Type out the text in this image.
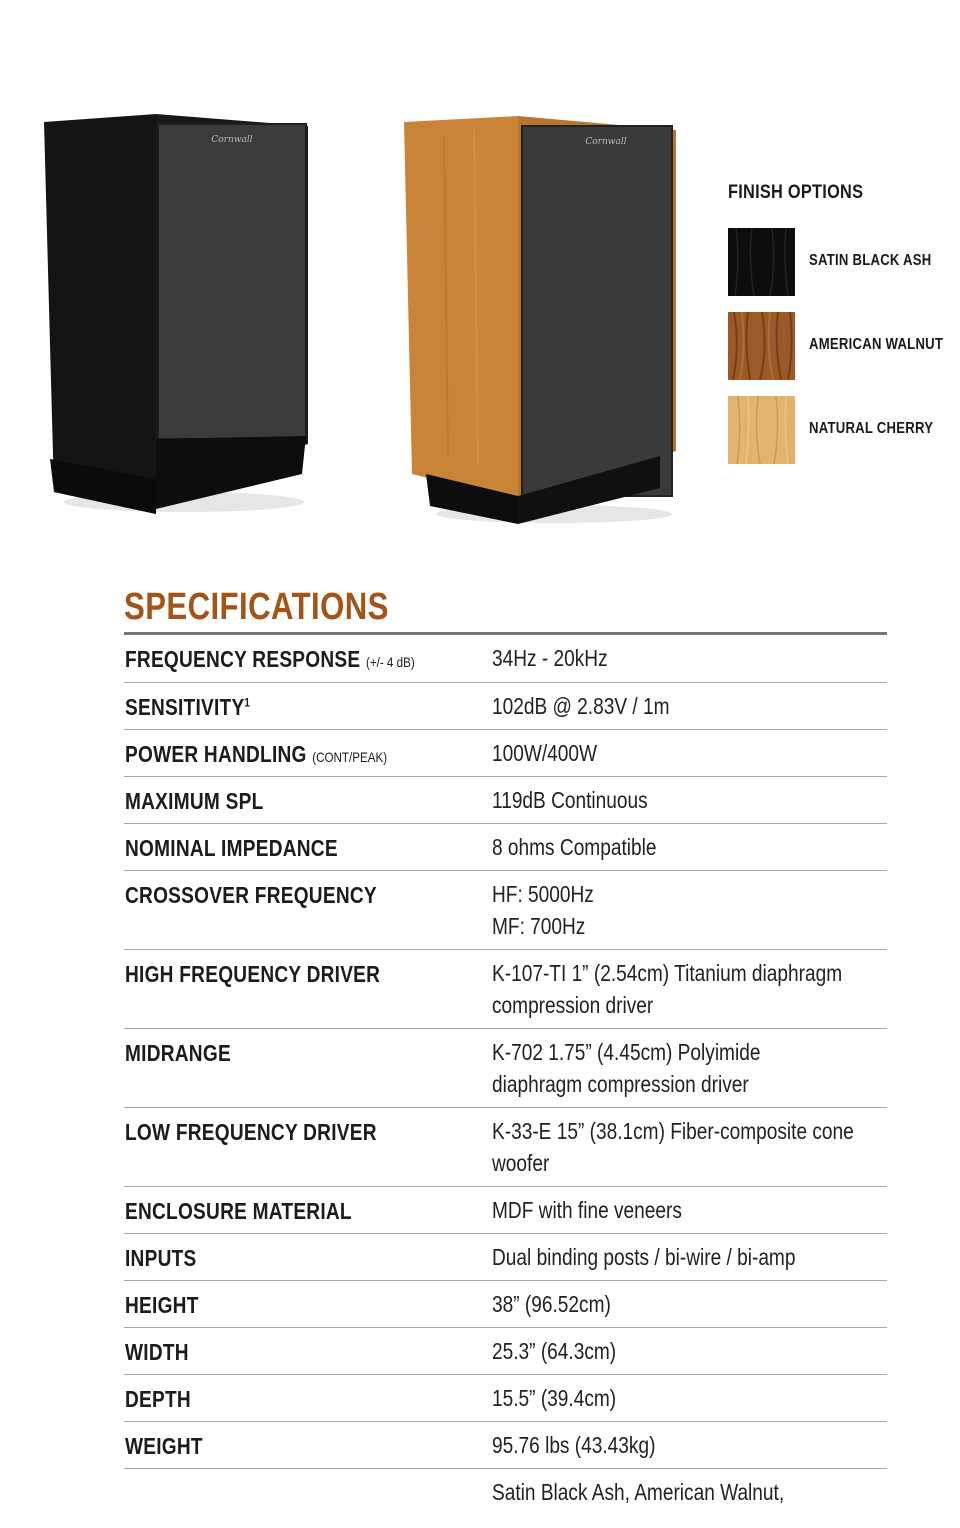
Cornwall	Cornwall
FINISH OPTIONS
SATIN BLACK ASH
AMERICAN WALNUT
NATURAL CHERRY
SPECIFICATIONS
FREQUENCY RESPONSE (+/- 4 dB)	34Hz - 20kHz
SENSITIVITY$^1$	102dB @ 2.83V / 1m
POWER HANDLING (CONT/PEAK)	100W/400W
MAXIMUM SPL	119dB Continuous
NOMINAL IMPEDANCE	8 ohms Compatible
CROSSOVER FREQUENCY	HF: 5000Hz
MF: 700Hz
HIGH FREQUENCY DRIVER	K-107-TI 1” (2.54cm) Titanium diaphragm
compression driver
MIDRANGE	K-702 1.75” (4.45cm) Polyimide
diaphragm compression driver
LOW FREQUENCY DRIVER	K-33-E 15” (38.1cm) Fiber-composite cone
woofer
ENCLOSURE MATERIAL	MDF with fine veneers
INPUTS	Dual binding posts / bi-wire / bi-amp
HEIGHT	38” (96.52cm)
WIDTH	25.3” (64.3cm)
DEPTH	15.5” (39.4cm)
WEIGHT	95.76 lbs (43.43kg)
Satin Black Ash, American Walnut,
